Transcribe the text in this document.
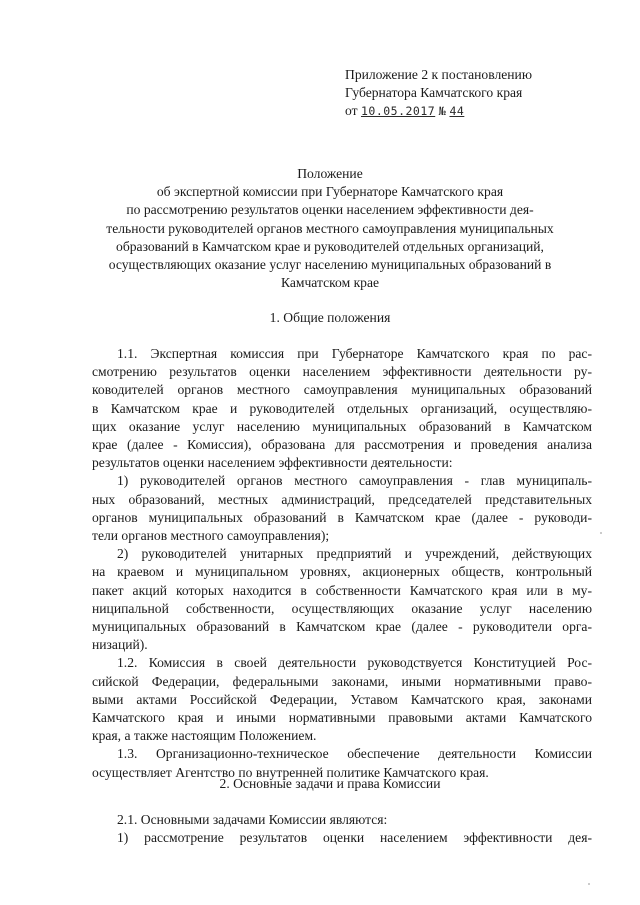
Приложение 2 к постановлению
Губернатора Камчатского края
от 10.05.2017 № 44
Положение
об экспертной комиссии при Губернаторе Камчатского края
по рассмотрению результатов оценки населением эффективности дея-
тельности руководителей органов местного самоуправления муниципальных
образований в Камчатском крае и руководителей отдельных организаций,
осуществляющих оказание услуг населению муниципальных образований в
Камчатском крае
1. Общие положения
1.1. Экспертная комиссия при Губернаторе Камчатского края по рас-
смотрению результатов оценки населением эффективности деятельности ру-
ководителей органов местного самоуправления муниципальных образований
в Камчатском крае и руководителей отдельных организаций, осуществляю-
щих оказание услуг населению муниципальных образований в Камчатском
крае (далее - Комиссия), образована для рассмотрения и проведения анализа
результатов оценки населением эффективности деятельности:
1) руководителей органов местного самоуправления - глав муниципаль-
ных образований, местных администраций, председателей представительных
органов муниципальных образований в Камчатском крае (далее - руководи-
тели органов местного самоуправления);
2) руководителей унитарных предприятий и учреждений, действующих
на краевом и муниципальном уровнях, акционерных обществ, контрольный
пакет акций которых находится в собственности Камчатского края или в му-
ниципальной собственности, осуществляющих оказание услуг населению
муниципальных образований в Камчатском крае (далее - руководители орга-
низаций).
1.2. Комиссия в своей деятельности руководствуется Конституцией Рос-
сийской Федерации, федеральными законами, иными нормативными право-
выми актами Российской Федерации, Уставом Камчатского края, законами
Камчатского края и иными нормативными правовыми актами Камчатского
края, а также настоящим Положением.
1.3. Организационно-техническое обеспечение деятельности Комиссии
осуществляет Агентство по внутренней политике Камчатского края.
2. Основные задачи и права Комиссии
2.1. Основными задачами Комиссии являются:
1) рассмотрение результатов оценки населением эффективности дея-
